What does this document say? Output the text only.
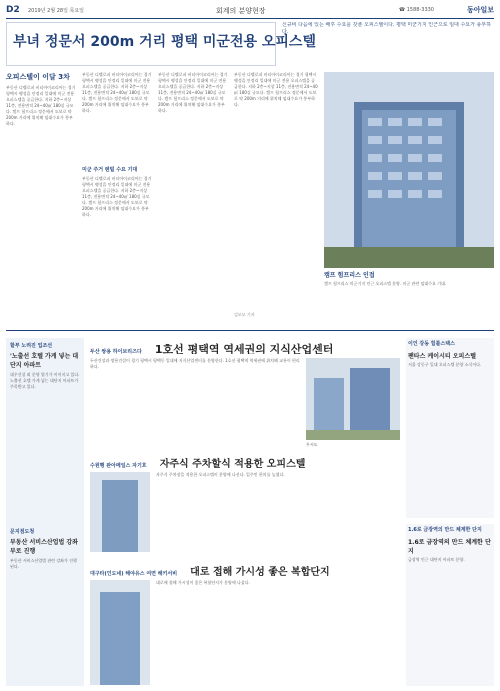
D2 2019년 2월 28일 목요일	회계의 분양현장	☎ 1588-3330	동아일보
부녀 정문서 200m 거리 평택 미군전용 오피스텔
신규비 다음에 있는 배후 수요를 갖춘 오피스텔이다. 평택 미군기지 인근으로 임대 수요가 풍부하다.
오피스텔이 이달 3차
부동산 디벨로퍼 비티아이코리아는 경기 평택시 팽성읍 안정리 일대에 미군 전용 오피스텔을 공급한다. 지하 2층~지상 11층, 전용면적 24~40㎡ 180실 규모다. 캠프 험프리스 정문에서 도보로 약 200m 거리에 위치해 임대수요가 풍부하다.
부동산 디벨로퍼 비티아이코리아는 경기 평택시 팽성읍 안정리 일대에 미군 전용 오피스텔을 공급한다. 지하 2층~지상 11층, 전용면적 24~40㎡ 180실 규모다. 캠프 험프리스 정문에서 도보로 약 200m 거리에 위치해 임대수요가 풍부하다.
미군 주거 렌털 수요 기대
부동산 디벨로퍼 비티아이코리아는 경기 평택시 팽성읍 안정리 일대에 미군 전용 오피스텔을 공급한다. 지하 2층~지상 11층, 전용면적 24~40㎡ 180실 규모다. 캠프 험프리스 정문에서 도보로 약 200m 거리에 위치해 임대수요가 풍부하다.
부동산 디벨로퍼 비티아이코리아는 경기 평택시 팽성읍 안정리 일대에 미군 전용 오피스텔을 공급한다. 지하 2층~지상 11층, 전용면적 24~40㎡ 180실 규모다. 캠프 험프리스 정문에서 도보로 약 200m 거리에 위치해 임대수요가 풍부하다.
부동산 디벨로퍼 비티아이코리아는 경기 평택시 팽성읍 안정리 일대에 미군 전용 오피스텔을 공급한다. 지하 2층~지상 11층, 전용면적 24~40㎡ 180실 규모다. 캠프 험프리스 정문에서 도보로 약 200m 거리에 위치해 임대수요가 풍부하다.
김모모 기자
캠프 험프리스 인접
캠프 험프리스 미군기지 인근 오피스텔 분양. 미군 관련 임대수요 기대.
할부 노려진 업조선
'노출선 호텔 가게 넣는 대단지 아파트
대우건설 외 분양 열기가 이어지고 있다. 노출선 호텔 가게 넣는 대단지 아파트가 주목받고 있다.
문지점도청
부동산 서비스산업법 강좌 부로 진행
부동산 서비스산업법 관련 강좌가 진행된다.
두산 쌍용 하이브리즈다 1호선 평택역 역세권의 지식산업센터
두산건설과 쌍용건설이 경기 평택시 평택동 일대에 지식산업센터를 분양한다. 1호선 평택역 역세권에 위치해 교통이 편리하다.
투시도
수원행 완아메일스 자기흐 자주식 주차할식 적용한 오피스텔
자주식 주차장을 적용한 오피스텔이 분양에 나선다. 입주민 편의를 높였다.
대구타(인도네) 해야유스 여면 해키서비 대로 접해 가시성 좋은 복합단지
대로에 접해 가시성이 좋은 복합단지가 분양에 나섰다.
이인 강동 힘틀스택스
팬타스 케이시티 오피스텔
서울 강동구 일대 오피스텔 분양 소식이다.
1.6로 금장역의 만드 체계한 단지
1.6로 금장역의 만드 체계한 단지
금장역 인근 대단지 아파트 분양.
